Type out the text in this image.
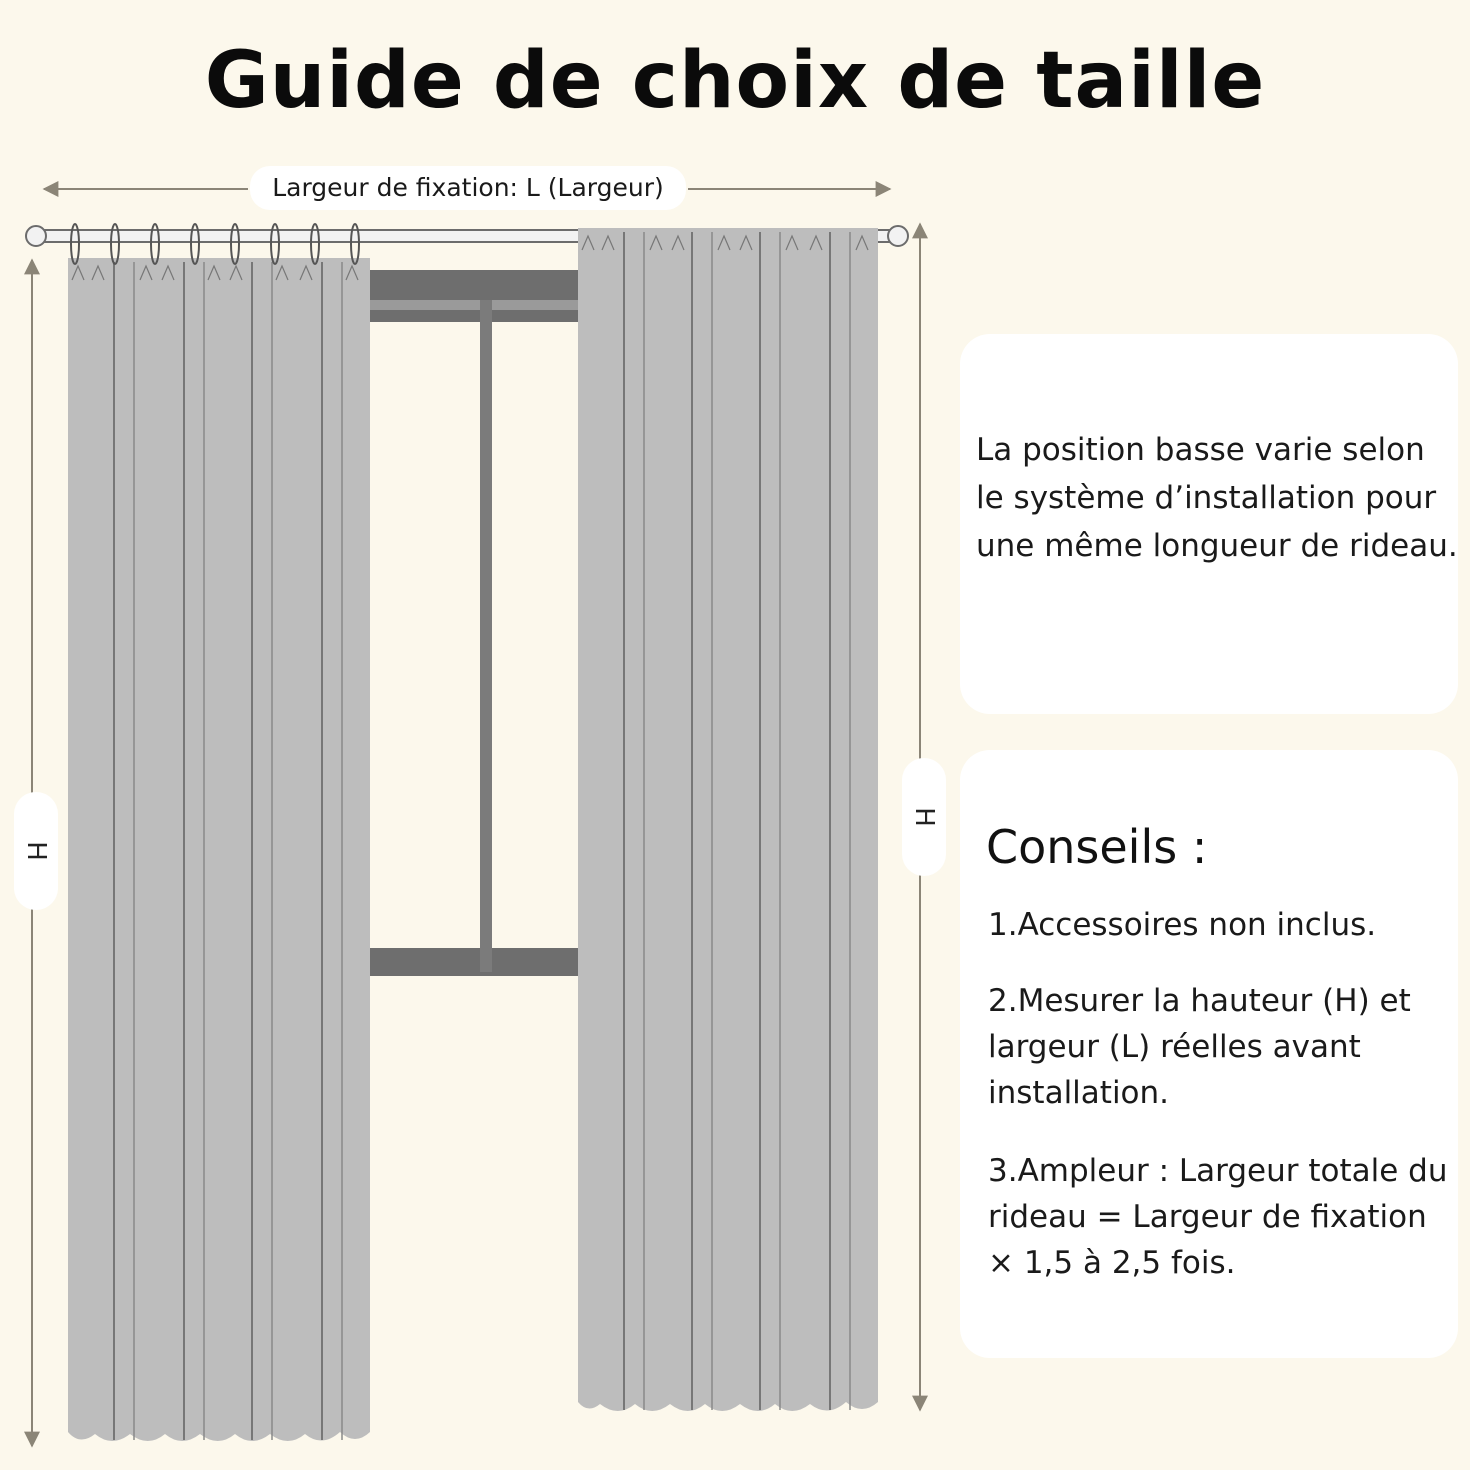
Guide de choix de taille
Largeur de fixation: L (Largeur)
H
H

La position basse varie selon le système d’installation pour une même longueur de rideau.

Conseils :

1.Accessoires non inclus.

2.Mesurer la hauteur (H) et largeur (L) réelles avant installation.

3.Ampleur : Largeur totale du rideau = Largeur de fixation × 1,5 à 2,5 fois.
